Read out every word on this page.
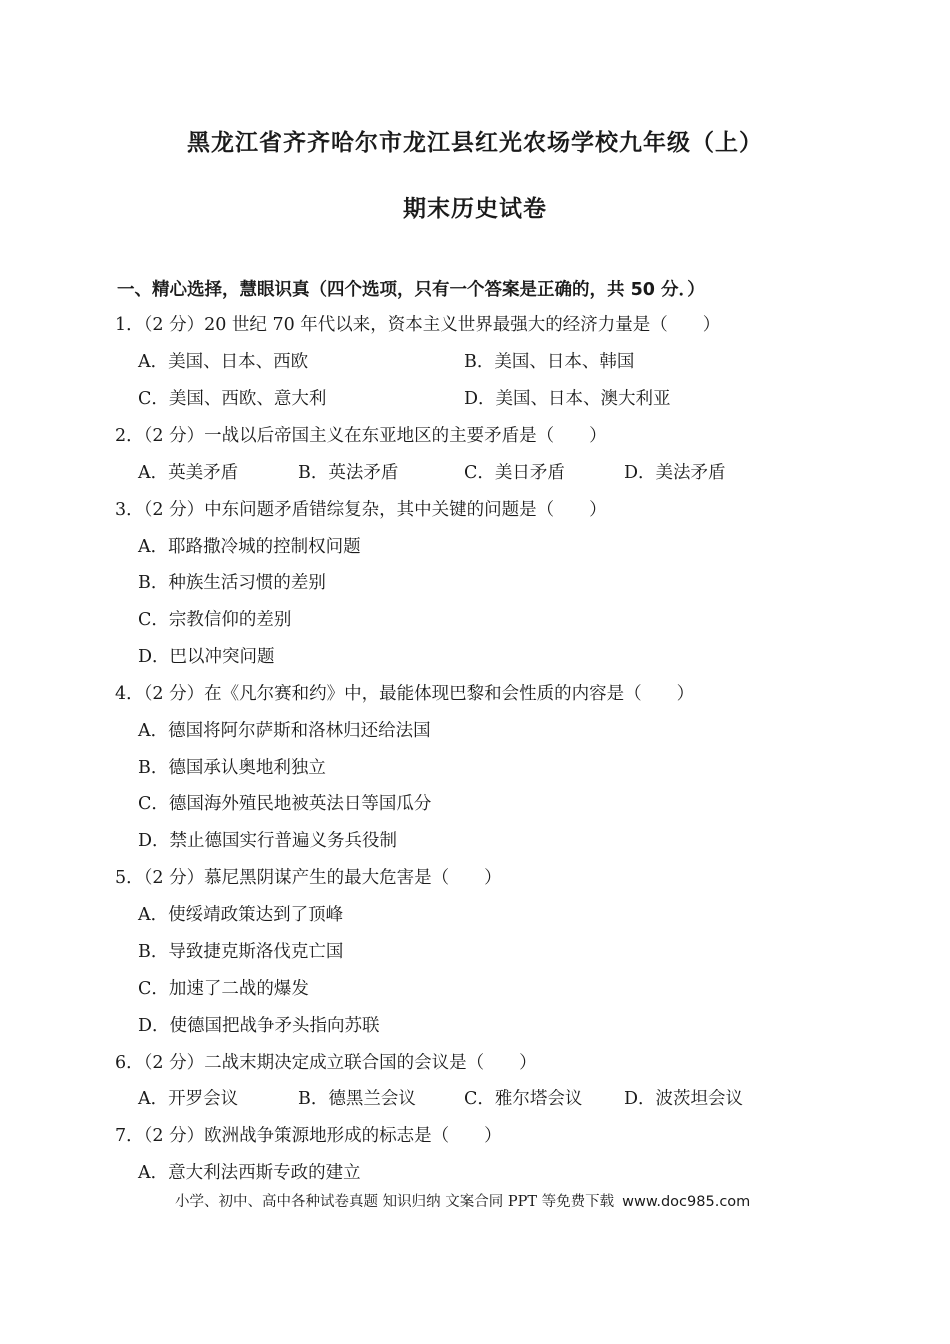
黑龙江省齐齐哈尔市龙江县红光农场学校九年级（上）
期末历史试卷
一、精心选择，慧眼识真（四个选项，只有一个答案是正确的，共 50 分．）
1．（2 分）20 世纪 70 年代以来，资本主义世界最强大的经济力量是（　　）
A．美国、日本、西欧	B．美国、日本、韩国
C．美国、西欧、意大利	D．美国、日本、澳大利亚
2．（2 分）一战以后帝国主义在东亚地区的主要矛盾是（　　）
A．英美矛盾	B．英法矛盾	C．美日矛盾	D．美法矛盾
3．（2 分）中东问题矛盾错综复杂，其中关键的问题是（　　）
A．耶路撒冷城的控制权问题
B．种族生活习惯的差别
C．宗教信仰的差别
D．巴以冲突问题
4．（2 分）在《凡尔赛和约》中，最能体现巴黎和会性质的内容是（　　）
A．德国将阿尔萨斯和洛林归还给法国
B．德国承认奥地利独立
C．德国海外殖民地被英法日等国瓜分
D．禁止德国实行普遍义务兵役制
5．（2 分）慕尼黑阴谋产生的最大危害是（　　）
A．使绥靖政策达到了顶峰
B．导致捷克斯洛伐克亡国
C．加速了二战的爆发
D．使德国把战争矛头指向苏联
6．（2 分）二战末期决定成立联合国的会议是（　　）
A．开罗会议	B．德黑兰会议	C．雅尔塔会议 D．波茨坦会议
7．（2 分）欧洲战争策源地形成的标志是（　　）
A．意大利法西斯专政的建立
小学、初中、高中各种试卷真题 知识归纳 文案合同 PPT 等免费下载 www.doc985.com
